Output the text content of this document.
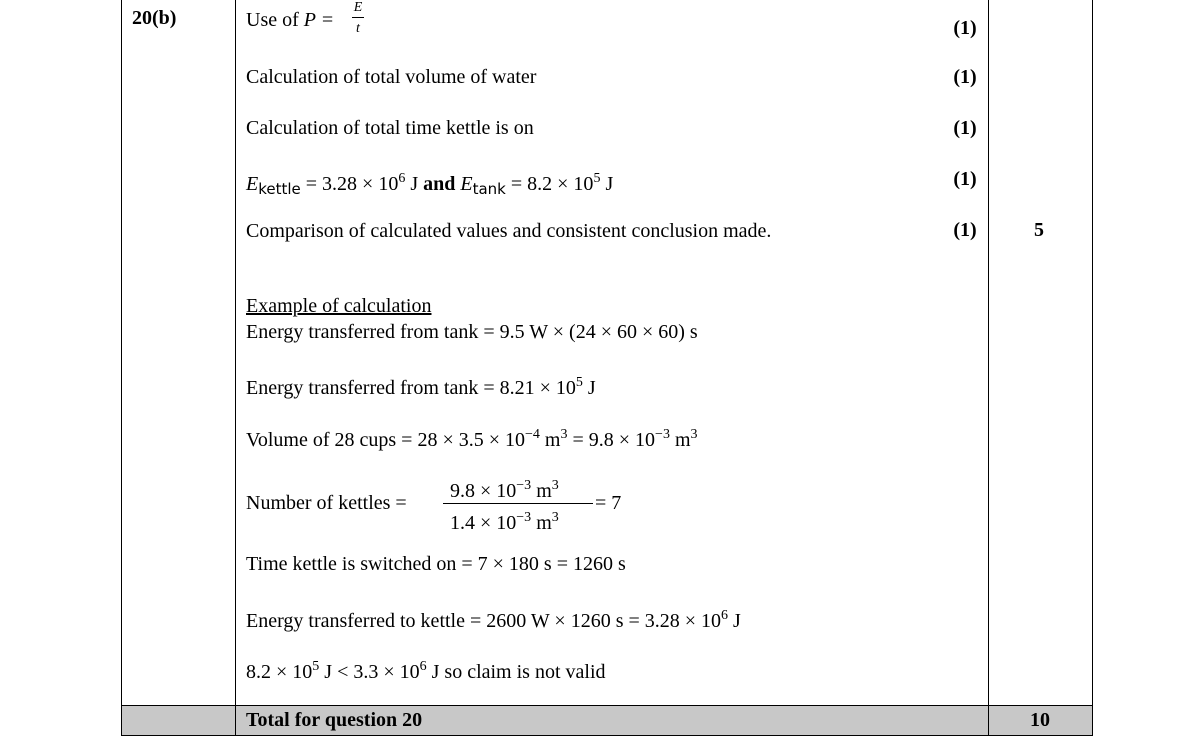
20(b)	Use of P =
E
t	(1)
Calculation of total volume of water	(1)
Calculation of total time kettle is on	(1)
$E_{kettle} = 3.28 \times 10^6$ J and $E_{tank} = 8.2 \times 10^5$ J	(1)
Comparison of calculated values and consistent conclusion made.	(1)	5
Example of calculation
Energy transferred from tank = 9.5 W × (24 × 60 × 60) s
Energy transferred from $\tan k = 8.21 \times 10^5$ J
Volume of 28 cups = $28 \times 3.5 \times 10^{-4}$ $m^3 = 9.8 \times 10^{-3}$ $m^3$
Number of kettles =
$9.8 \times 10^{-3}$ $m^3$
$1.4 \times 10^{-3}$ $m^3$
= 7
Time kettle is switched on = 7 × 180 s = 1260 s
Energy transferred to kettle = 2600 W × 1260 $s = 3.28 \times 10^6$ J
$8.2 \times 10^5$ $J < 3.3 \times 10^6$ J so claim is not valid
Total for question 20	10
